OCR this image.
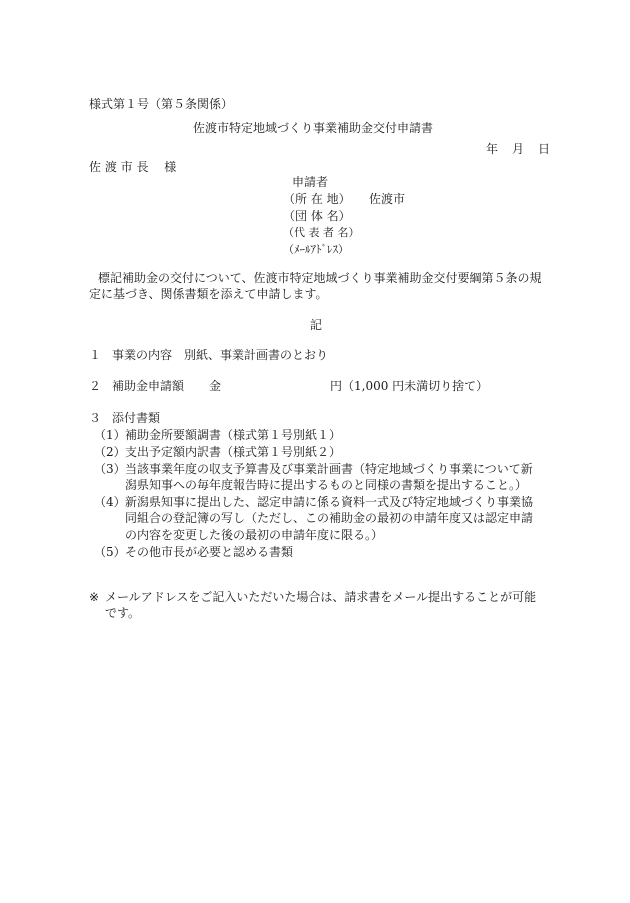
様式第１号（第５条関係）
佐渡市特定地域づくり事業補助金交付申請書
年　月　日
佐 渡 市 長　 様
申請者
（所 在 地） 佐渡市
（団 体 名）
（代 表 者 名）
（ﾒｰﾙｱﾄﾞﾚｽ）
標記補助金の交付について、佐渡市特定地域づくり事業補助金交付要綱第５条の規
定に基づき、関係書類を添えて申請します。
記
１ 事業の内容 別紙、事業計画書のとおり
２ 補助金申請額 金	円（1,000 円未満切り捨て）
３ 添付書類
（1） 補助金所要額調書（様式第１号別紙１）
（2） 支出予定額内訳書（様式第１号別紙２）
（3） 当該事業年度の収支予算書及び事業計画書（特定地域づくり事業について新
潟県知事への毎年度報告時に提出するものと同様の書類を提出すること。）
（4） 新潟県知事に提出した、認定申請に係る資料一式及び特定地域づくり事業協
同組合の登記簿の写し（ただし、この補助金の最初の申請年度又は認定申請
の内容を変更した後の最初の申請年度に限る。）
（5） その他市長が必要と認める書類
※ メールアドレスをご記入いただいた場合は、請求書をメール提出することが可能
です。
